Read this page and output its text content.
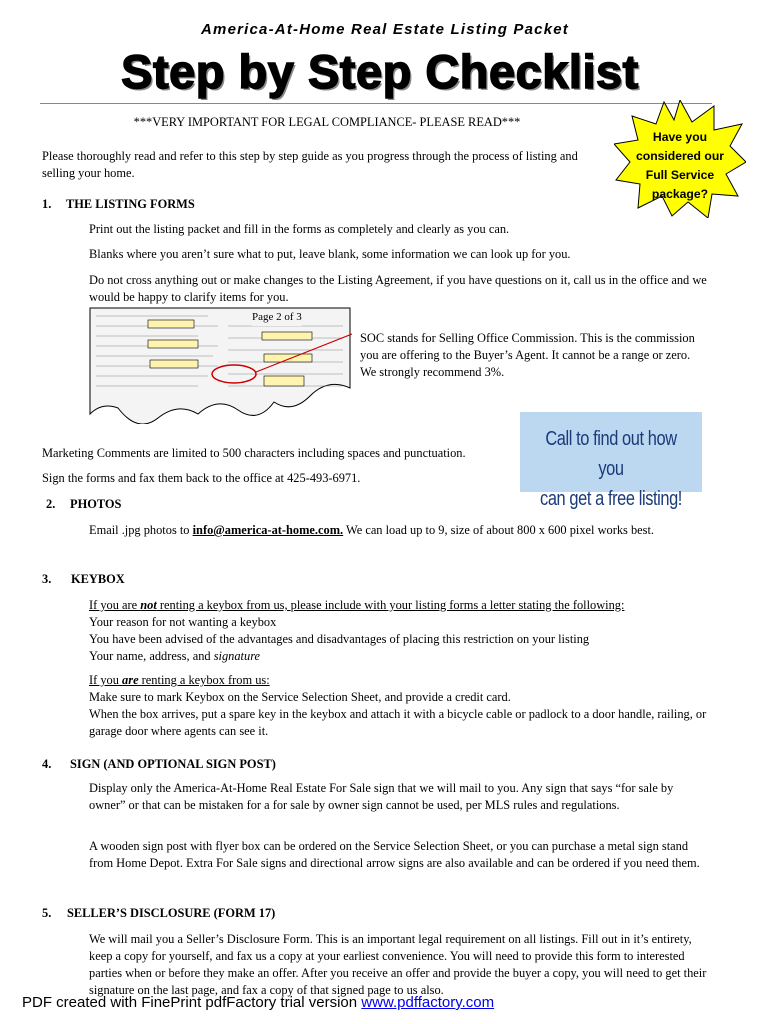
America-At-Home Real Estate Listing Packet
Step by Step Checklist
***VERY IMPORTANT FOR LEGAL COMPLIANCE- PLEASE READ***
Have you
considered our
Full Service
package?
Please thoroughly read and refer to this step by step guide as you progress through the process of listing and selling your home.
1. THE LISTING FORMS
Print out the listing packet and fill in the forms as completely and clearly as you can.
Blanks where you aren’t sure what to put, leave blank, some information we can look up for you.
Do not cross anything out or make changes to the Listing Agreement, if you have questions on it, call us in the office and we would be happy to clarify items for you.
Page 2 of 3
SOC stands for Selling Office Commission. This is the commission you are offering to the Buyer’s Agent. It cannot be a range or zero. We strongly recommend 3%.
Marketing Comments are limited to 500 characters including spaces and punctuation.
Sign the forms and fax them back to the office at 425-493-6971.
Call to find out how you
can get a free listing!
2. PHOTOS
Email .jpg photos to info@america-at-home.com. We can load up to 9, size of about 800 x 600 pixel works best.
3. KEYBOX
If you are not renting a keybox from us, please include with your listing forms a letter stating the following:
Your reason for not wanting a keybox
You have been advised of the advantages and disadvantages of placing this restriction on your listing
Your name, address, and signature
If you are renting a keybox from us:
Make sure to mark Keybox on the Service Selection Sheet, and provide a credit card.
When the box arrives, put a spare key in the keybox and attach it with a bicycle cable or padlock to a door handle, railing, or garage door where agents can see it.
4. SIGN (AND OPTIONAL SIGN POST)
Display only the America-At-Home Real Estate For Sale sign that we will mail to you. Any sign that says “for sale by owner” or that can be mistaken for a for sale by owner sign cannot be used, per MLS rules and regulations.
A wooden sign post with flyer box can be ordered on the Service Selection Sheet, or you can purchase a metal sign stand from Home Depot. Extra For Sale signs and directional arrow signs are also available and can be ordered if you need them.
5. SELLER’S DISCLOSURE (FORM 17)
We will mail you a Seller’s Disclosure Form. This is an important legal requirement on all listings. Fill out in it’s entirety, keep a copy for yourself, and fax us a copy at your earliest convenience. You will need to provide this form to interested parties when or before they make an offer. After you receive an offer and provide the buyer a copy, you will need to get their signature on the last page, and fax a copy of that signed page to us also.
PDF created with FinePrint pdfFactory trial version www.pdffactory.com
